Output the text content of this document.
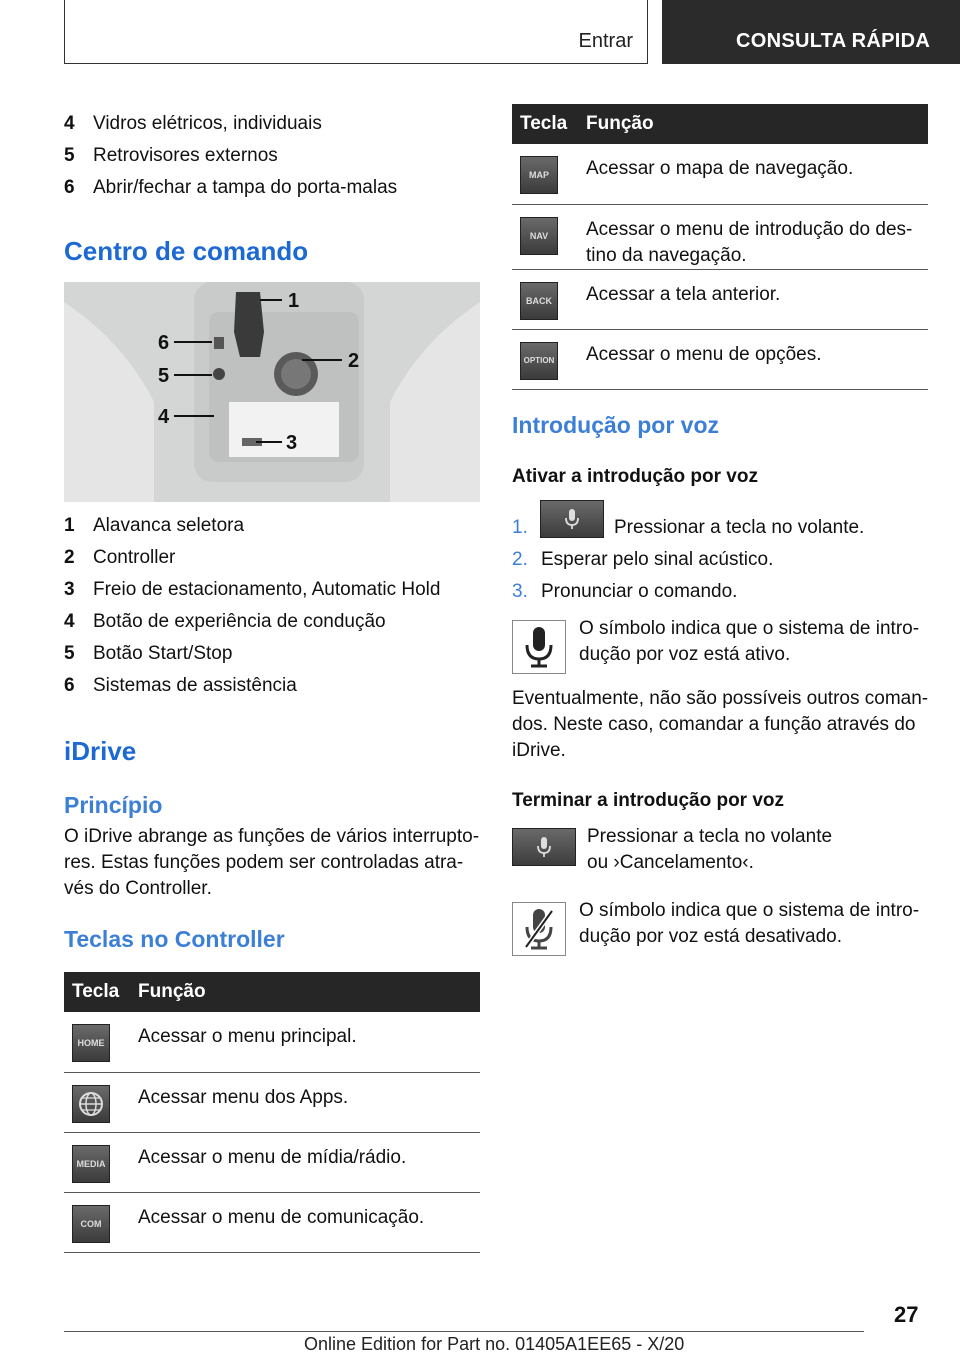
Entrar	CONSULTA RÁPIDA
4 Vidros elétricos, individuais
5 Retrovisores externos
6 Abrir/fechar a tampa do porta-malas
Centro de comando
1
2
3
4
5
6
1 Alavanca seletora
2 Controller
3 Freio de estacionamento, Automatic Hold
4 Botão de experiência de condução
5 Botão Start/Stop
6 Sistemas de assistência
iDrive
Princípio
O iDrive abrange as funções de vários interrupto-res. Estas funções podem ser controladas atra-vés do Controller.
Teclas no Controller
Tecla	Função

HOME	Acessar o menu principal.

	Acessar menu dos Apps.

MEDIA	Acessar o menu de mídia/rádio.

COM	Acessar o menu de comunicação.
Tecla	Função

MAP	Acessar o mapa de navegação.

NAV	Acessar o menu de introdução do des-tino da navegação.

BACK	Acessar a tela anterior.

OPTION	Acessar o menu de opções.
Introdução por voz
Ativar a introdução por voz
1.	Pressionar a tecla no volante.
2. Esperar pelo sinal acústico.
3. Pronunciar o comando.
O símbolo indica que o sistema de intro-dução por voz está ativo.
Eventualmente, não são possíveis outros coman-dos. Neste caso, comandar a função através do iDrive.
Terminar a introdução por voz
Pressionar a tecla no volante
ou ›Cancelamento‹.
O símbolo indica que o sistema de intro-dução por voz está desativado.
27
Online Edition for Part no. 01405A1EE65 - X/20
